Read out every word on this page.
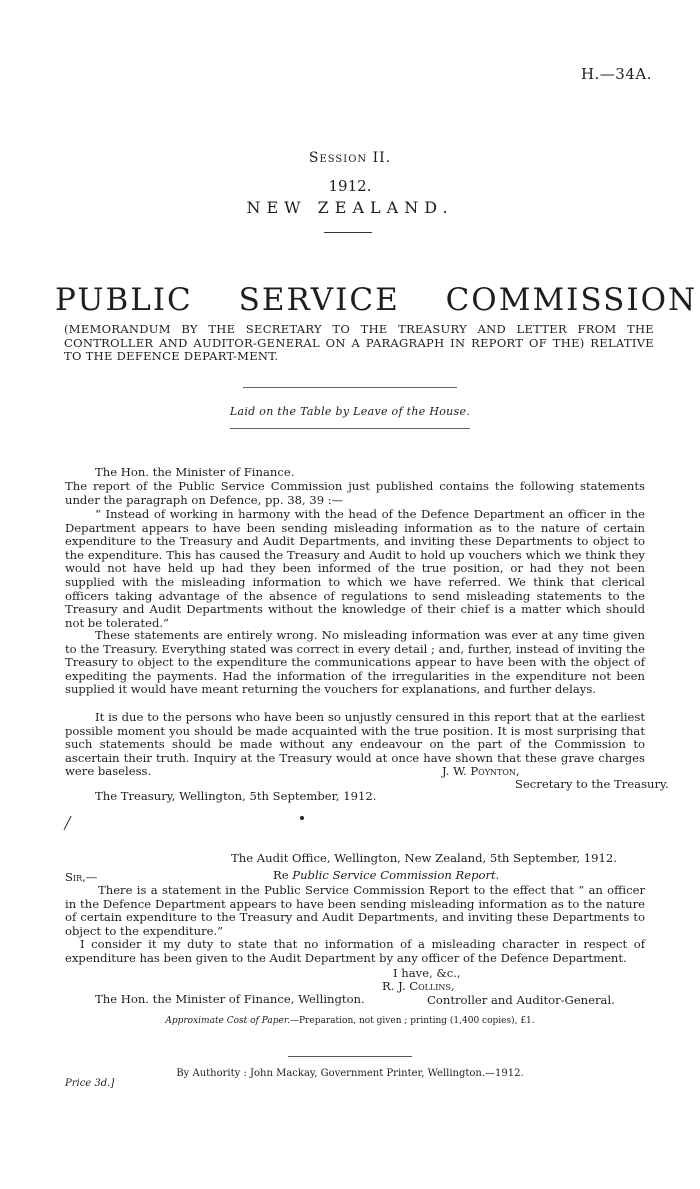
H.—34A.
Session II.
1912.
NEW ZEALAND.
PUBLIC SERVICE COMMISSION

(MEMORANDUM BY THE SECRETARY TO THE TREASURY AND LETTER FROM THE CONTROLLER AND AUDITOR-GENERAL ON A PARAGRAPH IN REPORT OF THE) RELATIVE TO THE DEFENCE DEPART-MENT.

Laid on the Table by Leave of the House.
The Hon. the Minister of Finance.

The report of the Public Service Commission just published contains the following statements under the paragraph on Defence, pp. 38, 39 :—

“ Instead of working in harmony with the head of the Defence Department an officer in the Department appears to have been sending misleading information as to the nature of certain expenditure to the Treasury and Audit Departments, and inviting these Departments to object to the expenditure. This has caused the Treasury and Audit to hold up vouchers which we think they would not have held up had they been informed of the true position, or had they not been supplied with the misleading information to which we have referred. We think that clerical officers taking advantage of the absence of regulations to send misleading statements to the Treasury and Audit Departments without the knowledge of their chief is a matter which should not be tolerated.”

These statements are entirely wrong. No misleading information was ever at any time given to the Treasury. Everything stated was correct in every detail ; and, further, instead of inviting the Treasury to object to the expenditure the communications appear to have been with the object of expediting the payments. Had the information of the irregularities in the expenditure not been supplied it would have meant returning the vouchers for explanations, and further delays.

It is due to the persons who have been so unjustly censured in this report that at the earliest possible moment you should be made acquainted with the true position. It is most surprising that such statements should be made without any endeavour on the part of the Commission to ascertain their truth. Inquiry at the Treasury would at once have shown that these grave charges were baseless.	J. W. Poynton,
Secretary to the Treasury.
The Treasury, Wellington, 5th September, 1912.
╱
The Audit Office, Wellington, New Zealand, 5th September, 1912.
Sir,—	Re Public Service Commission Report.

There is a statement in the Public Service Commission Report to the effect that “ an officer in the Defence Department appears to have been sending misleading information as to the nature of certain expenditure to the Treasury and Audit Departments, and inviting these Departments to object to the expenditure.”

I consider it my duty to state that no information of a misleading character in respect of expenditure has been given to the Audit Department by any officer of the Defence Department.

I have, &c.,
R. J. Collins,
The Hon. the Minister of Finance, Wellington.	Controller and Auditor-General.
Approximate Cost of Paper.—Preparation, not given ; printing (1,400 copies), £1.
By Authority : John Mackay, Government Printer, Wellington.—1912.
Price 3d.]
